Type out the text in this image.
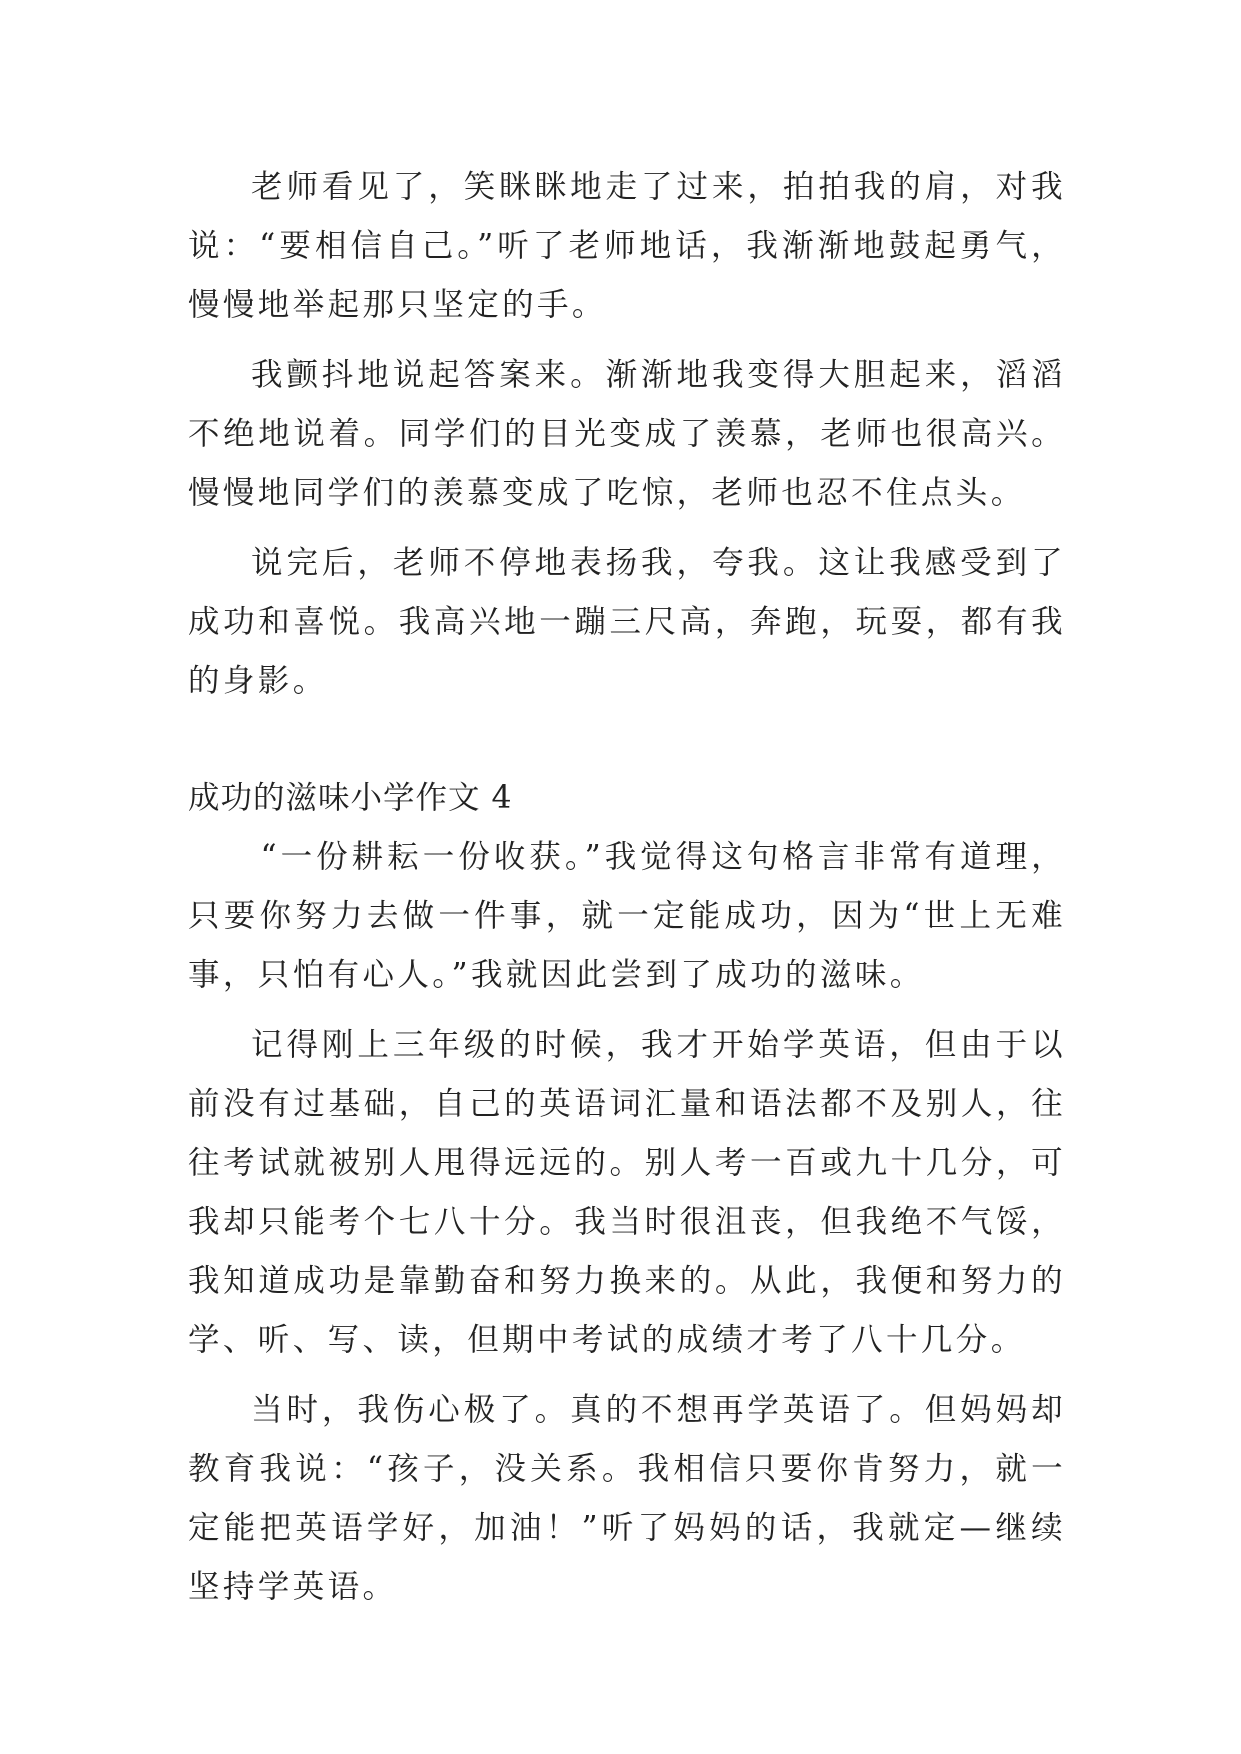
老师看见了，笑眯眯地走了过来，拍拍我的肩，对我说：“要相信自己。”听了老师地话，我渐渐地鼓起勇气，慢慢地举起那只坚定的手。

我颤抖地说起答案来。渐渐地我变得大胆起来，滔滔不绝地说着。同学们的目光变成了羡慕，老师也很高兴。慢慢地同学们的羡慕变成了吃惊，老师也忍不住点头。

说完后，老师不停地表扬我，夸我。这让我感受到了成功和喜悦。我高兴地一蹦三尺高，奔跑，玩耍，都有我的身影。

成功的滋味小学作文 4

“一份耕耘一份收获。”我觉得这句格言非常有道理，只要你努力去做一件事，就一定能成功，因为“世上无难事，只怕有心人。”我就因此尝到了成功的滋味。

记得刚上三年级的时候，我才开始学英语，但由于以前没有过基础，自己的英语词汇量和语法都不及别人，往往考试就被别人甩得远远的。别人考一百或九十几分，可我却只能考个七八十分。我当时很沮丧，但我绝不气馁，我知道成功是靠勤奋和努力换来的。从此，我便和努力的学、听、写、读，但期中考试的成绩才考了八十几分。

当时，我伤心极了。真的不想再学英语了。但妈妈却教育我说：“孩子，没关系。我相信只要你肯努力，就一定能把英语学好，加油！”听了妈妈的话，我就定—继续坚持学英语。
